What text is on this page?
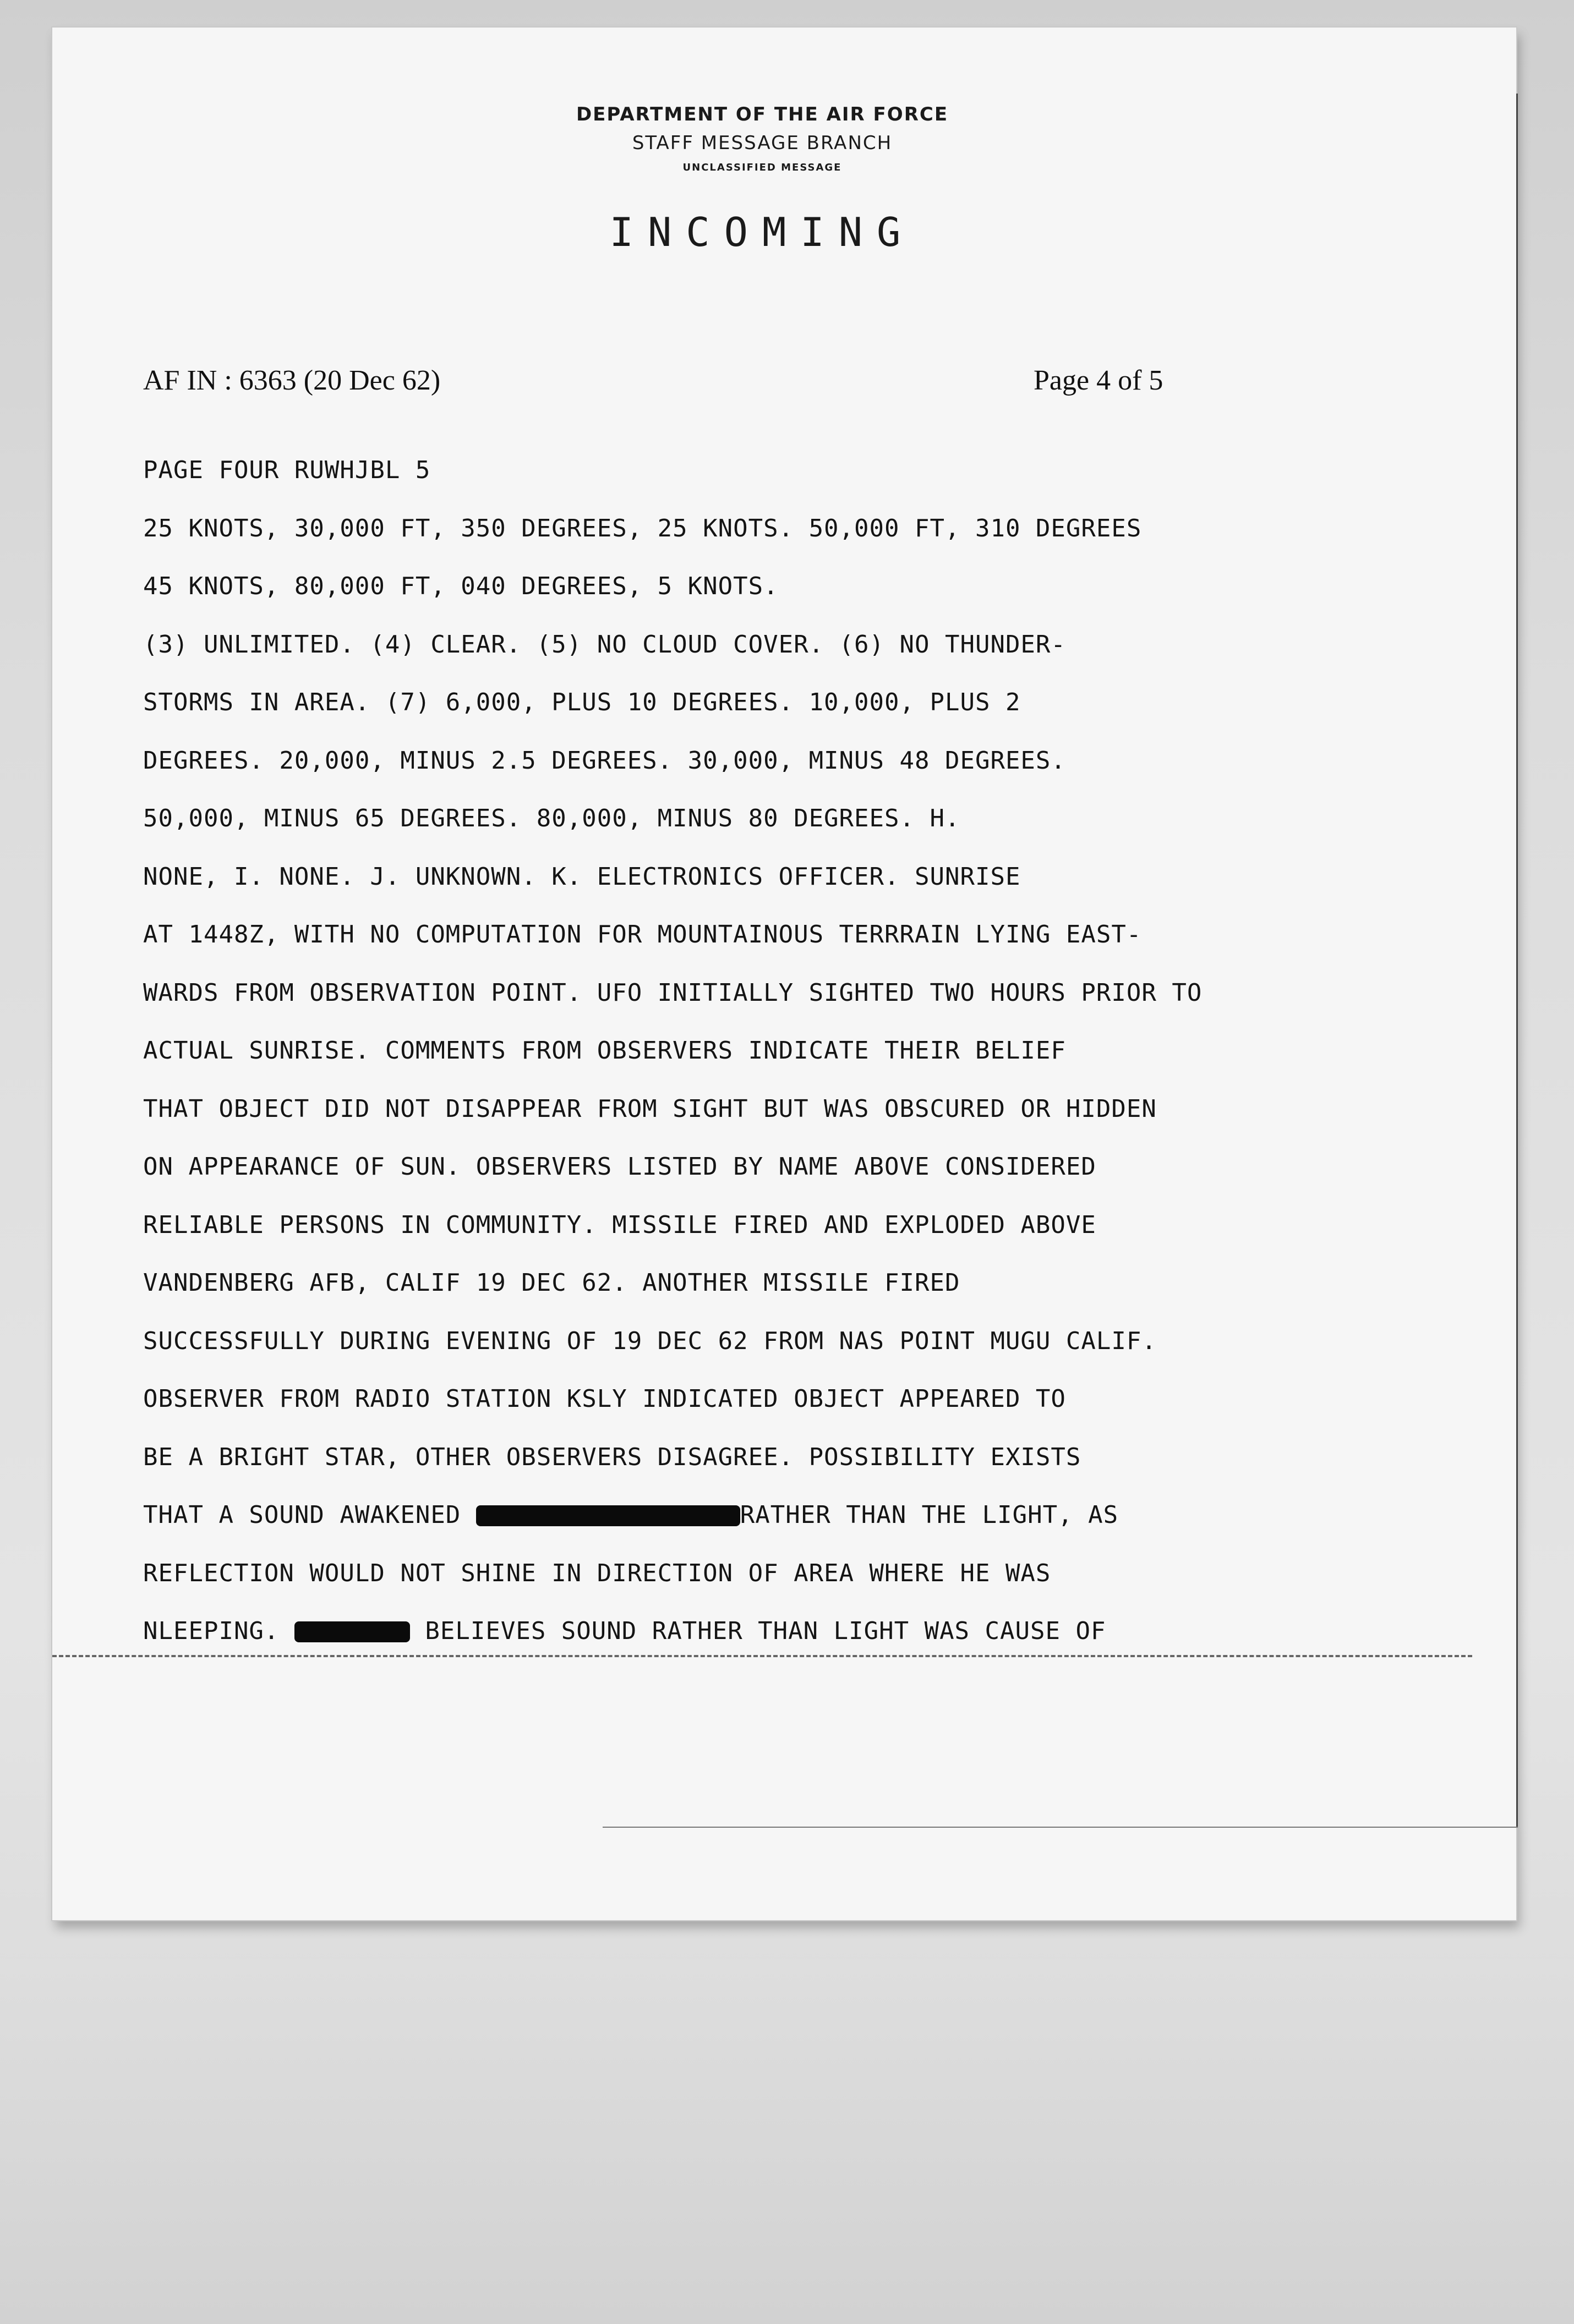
DEPARTMENT OF THE AIR FORCE
STAFF MESSAGE BRANCH
UNCLASSIFIED MESSAGE
INCOMING
AF IN : 6363 (20 Dec 62)	Page 4 of 5
PAGE FOUR RUWHJBL 5
25 KNOTS, 30,000 FT, 350 DEGREES, 25 KNOTS. 50,000 FT, 310 DEGREES
45 KNOTS, 80,000 FT, 040 DEGREES, 5 KNOTS.
(3) UNLIMITED. (4) CLEAR. (5) NO CLOUD COVER. (6) NO THUNDER-
STORMS IN AREA. (7) 6,000, PLUS 10 DEGREES. 10,000, PLUS 2
DEGREES. 20,000, MINUS 2.5 DEGREES. 30,000, MINUS 48 DEGREES.
50,000, MINUS 65 DEGREES. 80,000, MINUS 80 DEGREES. H.
NONE, I. NONE. J. UNKNOWN. K. ELECTRONICS OFFICER. SUNRISE
AT 1448Z, WITH NO COMPUTATION FOR MOUNTAINOUS TERRRAIN LYING EAST-
WARDS FROM OBSERVATION POINT. UFO INITIALLY SIGHTED TWO HOURS PRIOR TO
ACTUAL SUNRISE. COMMENTS FROM OBSERVERS INDICATE THEIR BELIEF
THAT OBJECT DID NOT DISAPPEAR FROM SIGHT BUT WAS OBSCURED OR HIDDEN
ON APPEARANCE OF SUN. OBSERVERS LISTED BY NAME ABOVE CONSIDERED
RELIABLE PERSONS IN COMMUNITY. MISSILE FIRED AND EXPLODED ABOVE
VANDENBERG AFB, CALIF 19 DEC 62. ANOTHER MISSILE FIRED
SUCCESSFULLY DURING EVENING OF 19 DEC 62 FROM NAS POINT MUGU CALIF.
OBSERVER FROM RADIO STATION KSLY INDICATED OBJECT APPEARED TO
BE A BRIGHT STAR, OTHER OBSERVERS DISAGREE. POSSIBILITY EXISTS
THAT A SOUND AWAKENED	RATHER THAN THE LIGHT, AS
REFLECTION WOULD NOT SHINE IN DIRECTION OF AREA WHERE HE WAS
NLEEPING.	BELIEVES SOUND RATHER THAN LIGHT WAS CAUSE OF
